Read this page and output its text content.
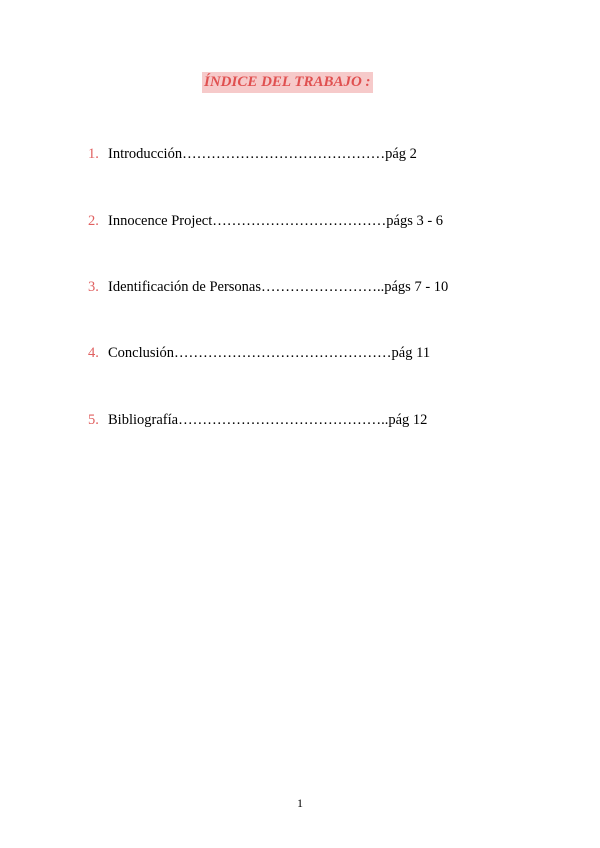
ÍNDICE DEL TRABAJO :
1. Introducción……………………………………pág 2
2. Innocence Project………………………………págs 3 - 6
3. Identificación de Personas……………………..págs 7 - 10
4. Conclusión………………………………………pág 11
5. Bibliografía……………………………………..pág 12
1
